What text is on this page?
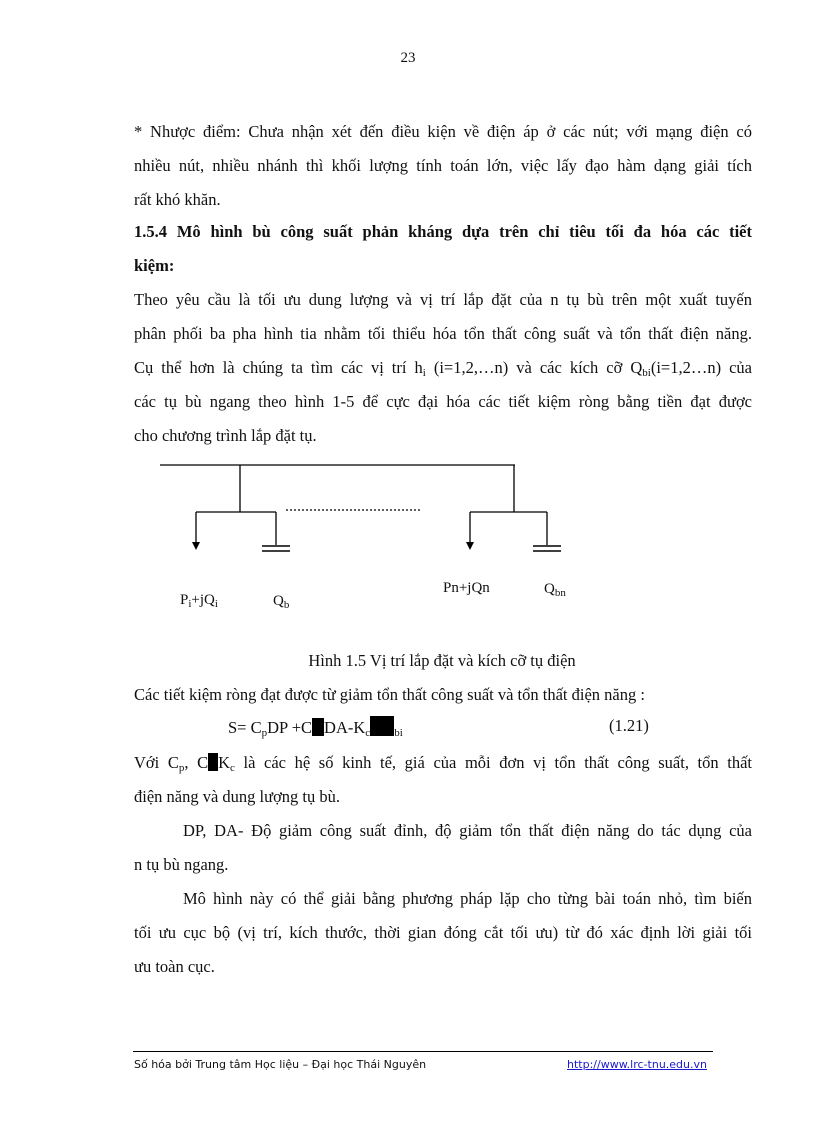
23
* Nhược điểm: Chưa nhận xét đến điều kiện về điện áp ở các nút; với mạng điện có
nhiều nút, nhiều nhánh thì khối lượng tính toán lớn, việc lấy đạo hàm dạng giải tích
rất khó khăn.
1.5.4 Mô hình bù công suất phản kháng dựa trên chỉ tiêu tối đa hóa các tiết
kiệm:
Theo yêu cầu là tối ưu dung lượng và vị trí lắp đặt của n tụ bù trên một xuất tuyến
phân phối ba pha hình tia nhằm tối thiểu hóa tổn thất công suất và tổn thất điện năng.
Cụ thể hơn là chúng ta tìm các vị trí $h_i$ (i=1,2,…n) và các kích cỡ $Q_{bi}(i=1,2\dots n)$ của
các tụ bù ngang theo hình 1-5 để cực đại hóa các tiết kiệm ròng bằng tiền đạt được
cho chương trình lắp đặt tụ.
$P_i+jQ_i$	$Q_b$
Pn+jQn	$Q_{bn}$
Hình 1.5 Vị trí lắp đặt và kích cỡ tụ điện
Các tiết kiệm ròng đạt được từ giảm tổn thất công suất và tổn thất điện năng :
$S= C_pDP +C$ $DA-K_c$ $_{bi}$	(1.21)
Với $C_p$, C $K_c$ là các hệ số kinh tế, giá của mỗi đơn vị tổn thất công suất, tổn thất
điện năng và dung lượng tụ bù.
DP, DA- Độ giảm công suất đỉnh, độ giảm tổn thất điện năng do tác dụng của
n tụ bù ngang.
Mô hình này có thể giải bằng phương pháp lặp cho từng bài toán nhỏ, tìm biến
tối ưu cục bộ (vị trí, kích thước, thời gian đóng cắt tối ưu) từ đó xác định lời giải tối
ưu toàn cục.
Số hóa bởi Trung tâm Học liệu – Đại học Thái Nguyên	http://www.lrc-tnu.edu.vn
